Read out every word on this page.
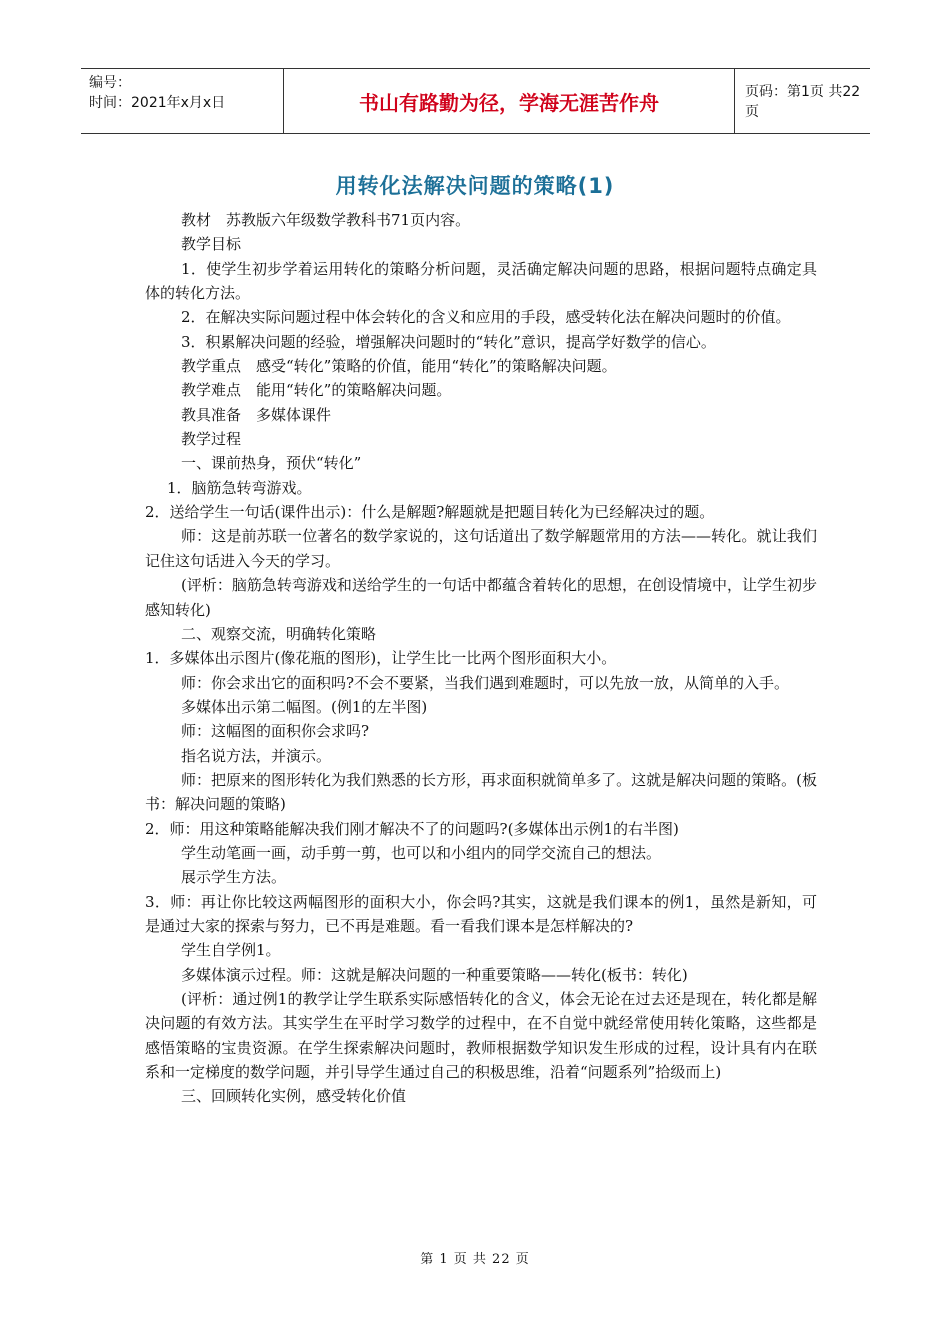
编号：
时间：2021年x月x日	书山有路勤为径，学海无涯苦作舟	页码：第1页 共22页
用转化法解决问题的策略(1)

教材　苏教版六年级数学教科书71页内容。

教学目标

1．使学生初步学着运用转化的策略分析问题，灵活确定解决问题的思路，根据问题特点确定具体的转化方法。

2．在解决实际问题过程中体会转化的含义和应用的手段，感受转化法在解决问题时的价值。

3．积累解决问题的经验，增强解决问题时的“转化”意识，提高学好数学的信心。

教学重点　感受“转化”策略的价值，能用“转化”的策略解决问题。

教学难点　能用“转化”的策略解决问题。

教具准备　多媒体课件

教学过程

一、课前热身，预伏“转化”

1．脑筋急转弯游戏。

2．送给学生一句话(课件出示)：什么是解题?解题就是把题目转化为已经解决过的题。

师：这是前苏联一位著名的数学家说的，这句话道出了数学解题常用的方法——转化。就让我们记住这句话进入今天的学习。

(评析：脑筋急转弯游戏和送给学生的一句话中都蕴含着转化的思想，在创设情境中，让学生初步感知转化)

二、观察交流，明确转化策略

1．多媒体出示图片(像花瓶的图形)，让学生比一比两个图形面积大小。

师：你会求出它的面积吗?不会不要紧，当我们遇到难题时，可以先放一放，从简单的入手。

多媒体出示第二幅图。(例1的左半图)

师：这幅图的面积你会求吗?

指名说方法，并演示。

师：把原来的图形转化为我们熟悉的长方形，再求面积就简单多了。这就是解决问题的策略。(板书：解决问题的策略)

2．师：用这种策略能解决我们刚才解决不了的问题吗?(多媒体出示例1的右半图)

学生动笔画一画，动手剪一剪，也可以和小组内的同学交流自己的想法。

展示学生方法。

3．师：再让你比较这两幅图形的面积大小，你会吗?其实，这就是我们课本的例1，虽然是新知，可是通过大家的探索与努力，已不再是难题。看一看我们课本是怎样解决的?

学生自学例1。

多媒体演示过程。师：这就是解决问题的一种重要策略——转化(板书：转化)

(评析：通过例1的教学让学生联系实际感悟转化的含义，体会无论在过去还是现在，转化都是解决问题的有效方法。其实学生在平时学习数学的过程中，在不自觉中就经常使用转化策略，这些都是感悟策略的宝贵资源。在学生探索解决问题时，教师根据数学知识发生形成的过程，设计具有内在联系和一定梯度的数学问题，并引导学生通过自己的积极思维，沿着“问题系列”拾级而上)

三、回顾转化实例，感受转化价值

第 1 页 共 22 页
